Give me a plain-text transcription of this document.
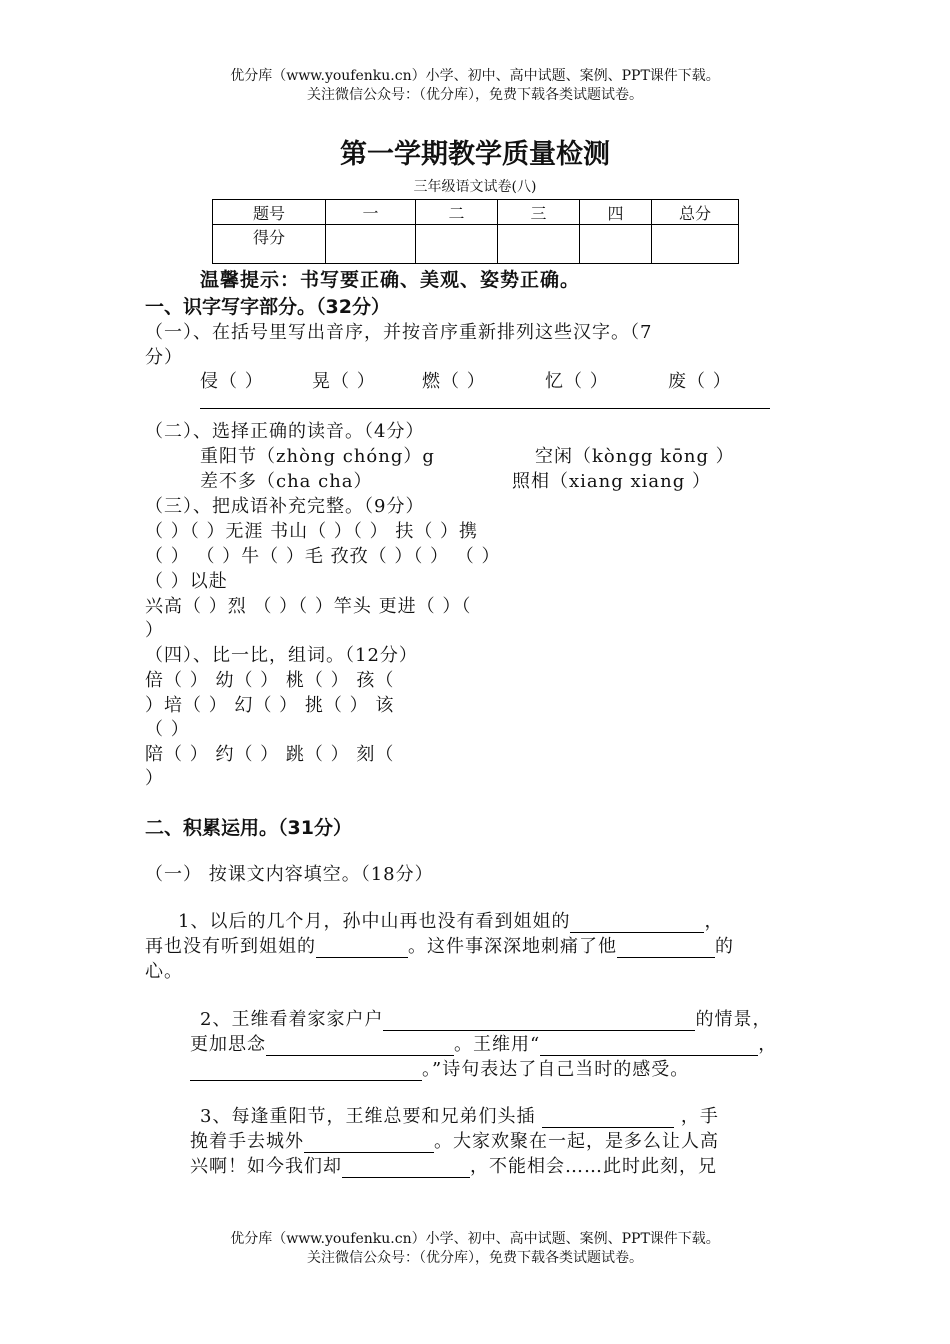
优分库（www.youfenku.cn）小学、初中、高中试题、案例、PPT课件下载。
关注微信公众号：（优分库），免费下载各类试题试卷。
第一学期教学质量检测
三年级语文试卷(八)
题号	一	二	三	四	总分
得分					
温馨提示：书写要正确、美观、姿势正确。
一、识字写字部分。（32分）
（一）、在括号里写出音序，并按音序重新排列这些汉字。（7
分）
侵（ ）	晃（ ）	燃（ ）	忆（ ）	废（ ）
（二）、选择正确的读音。（4分）
重阳节（zhòng chóng）g	空闲（kòngg kōng ）
差不多（cha cha）	照相（xiang xiang ）
（三）、把成语补充完整。（9分）
（ ）（ ）无涯 书山（ ）（ ） 扶（ ）携
（ ） （ ）牛（ ）毛 孜孜（ ）（ ） （ ）
（ ）以赴
兴高（ ）烈 （ ）（ ）竿头 更进（ ）（
）
（四）、比一比，组词。（12分）
倍（ ） 幼（ ） 桃（ ） 孩（
）培（ ） 幻（ ） 挑（ ） 该
（ ）
陪（ ） 约（ ） 跳（ ） 刻（
）
二、积累运用。（31分）
（一） 按课文内容填空。（18分）
1、以后的几个月，孙中山再也没有看到姐姐的	，
再也没有听到姐姐的	。这件事深深地刺痛了他	的
心。
2、王维看着家家户户	的情景，
更加思念	。王维用“	，
。”诗句表达了自己当时的感受。
3、每逢重阳节，王维总要和兄弟们头插	，手
挽着手去城外	。大家欢聚在一起，是多么让人高
兴啊！如今我们却	，不能相会……此时此刻，兄
优分库（www.youfenku.cn）小学、初中、高中试题、案例、PPT课件下载。
关注微信公众号：（优分库），免费下载各类试题试卷。
